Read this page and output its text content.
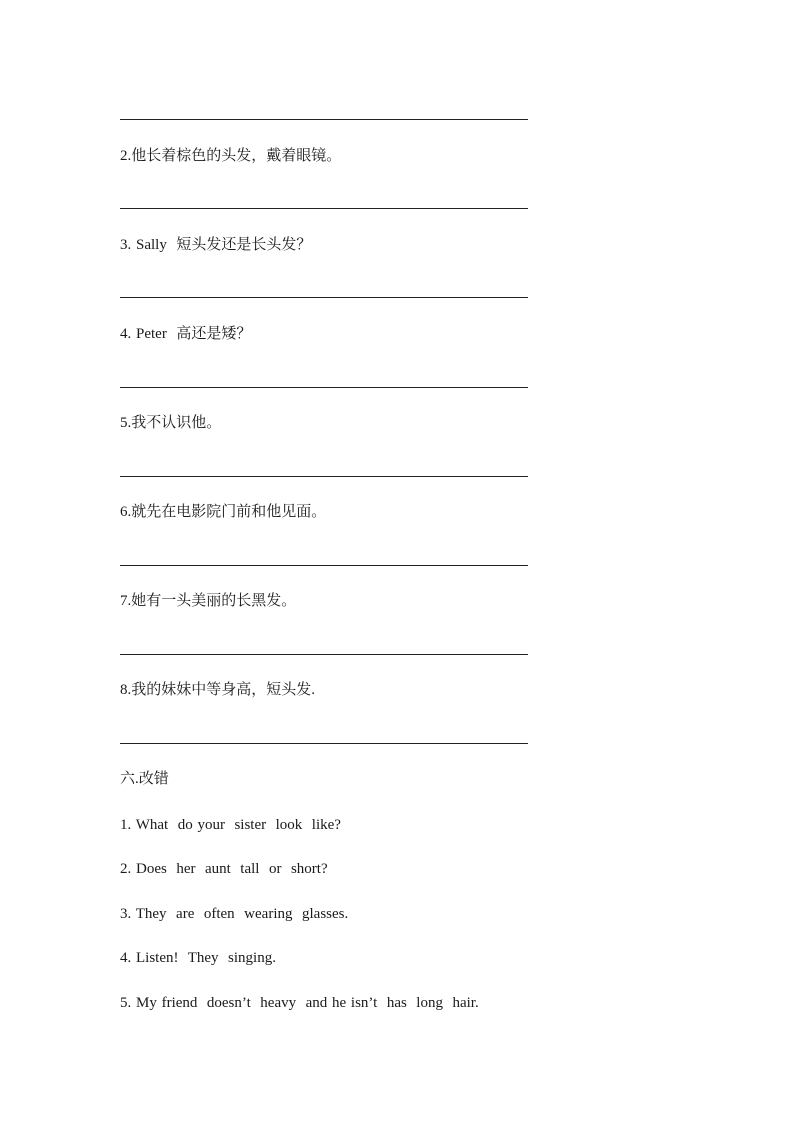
2.他长着棕色的头发，戴着眼镜。
3. Sally  短头发还是长头发？
4. Peter  高还是矮？
5.我不认识他。
6.就先在电影院门前和他见面。
7.她有一头美丽的长黑发。
8.我的妹妹中等身高，短头发.
六.改错
1. What  do your  sister  look  like?
2. Does  her  aunt  tall  or  short?
3. They  are  often  wearing  glasses.
4. Listen!  They  singing.
5. My friend  doesn’t  heavy  and he isn’t  has  long  hair.
